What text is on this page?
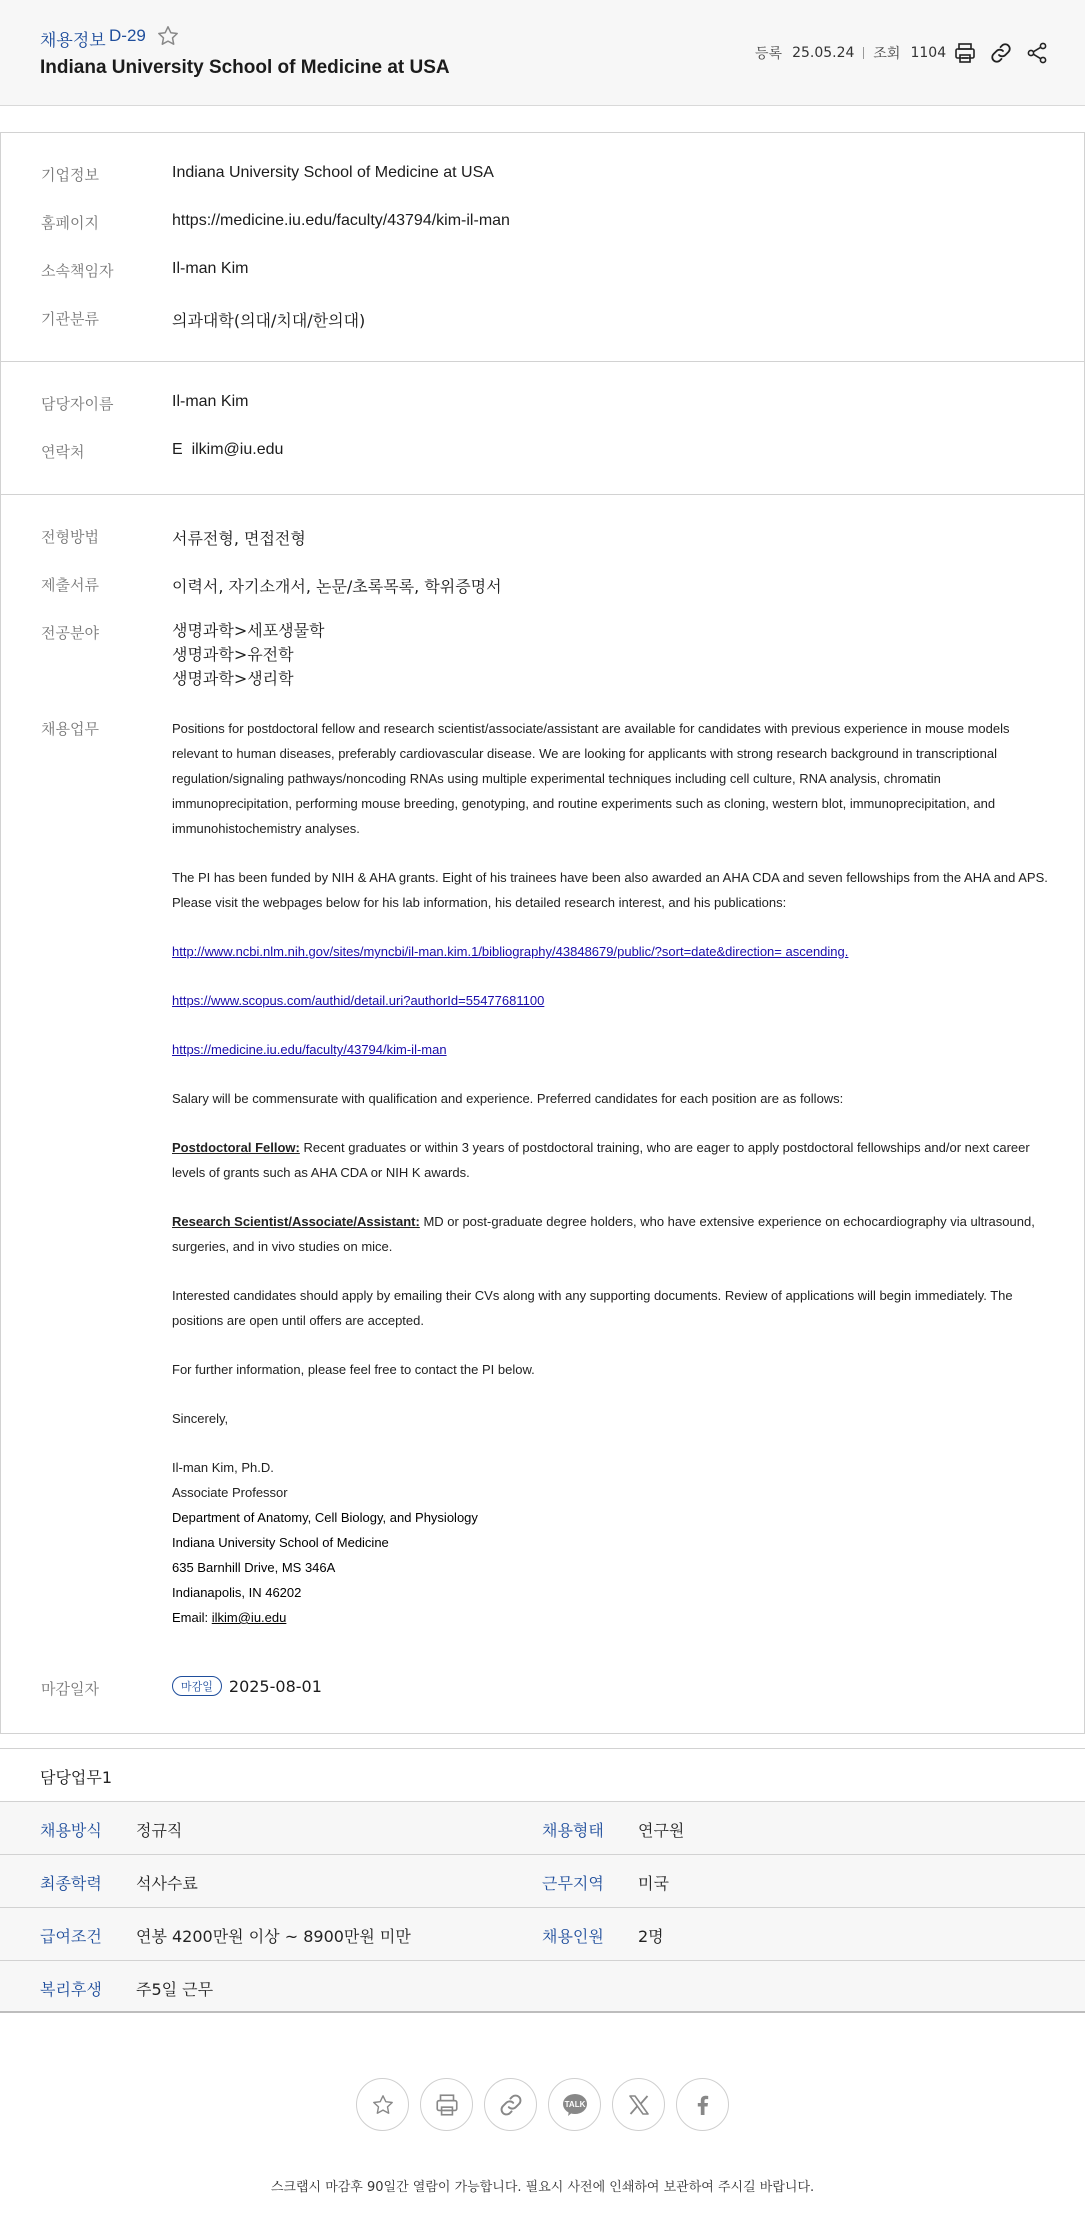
채용정보 D-29
Indiana University School of Medicine at USA
등록 25.05.24 조회 1104
기업정보	Indiana University School of Medicine at USA
홈페이지	https://medicine.iu.edu/faculty/43794/kim-il-man
소속책임자	Il-man Kim
기관분류	의과대학(의대/치대/한의대)
담당자이름	Il-man Kim
연락처	E ilkim@iu.edu
전형방법	서류전형, 면접전형
제출서류	이력서, 자기소개서, 논문/초록목록, 학위증명서
전공분야	생명과학>세포생물학
생명과학>유전학
생명과학>생리학
채용업무	Positions for postdoctoral fellow and research scientist/associate/assistant are available for candidates with previous experience in mouse models relevant to human diseases, preferably cardiovascular disease. We are looking for applicants with strong research background in transcriptional regulation/signaling pathways/noncoding RNAs using multiple experimental techniques including cell culture, RNA analysis, chromatin immunoprecipitation, performing mouse breeding, genotyping, and routine experiments such as cloning, western blot, immunoprecipitation, and immunohistochemistry analyses.

The PI has been funded by NIH & AHA grants. Eight of his trainees have been also awarded an AHA CDA and seven fellowships from the AHA and APS. Please visit the webpages below for his lab information, his detailed research interest, and his publications:

http://www.ncbi.nlm.nih.gov/sites/myncbi/il-man.kim.1/bibliography/43848679/public/?sort=date&direction= ascending.

https://www.scopus.com/authid/detail.uri?authorId=55477681100

https://medicine.iu.edu/faculty/43794/kim-il-man

Salary will be commensurate with qualification and experience. Preferred candidates for each position are as follows:

Postdoctoral Fellow: Recent graduates or within 3 years of postdoctoral training, who are eager to apply postdoctoral fellowships and/or next career levels of grants such as AHA CDA or NIH K awards.

Research Scientist/Associate/Assistant: MD or post-graduate degree holders, who have extensive experience on echocardiography via ultrasound, surgeries, and in vivo studies on mice.

Interested candidates should apply by emailing their CVs along with any supporting documents. Review of applications will begin immediately. The positions are open until offers are accepted.

For further information, please feel free to contact the PI below.

Sincerely,

Il-man Kim, Ph.D.

Associate Professor

Department of Anatomy, Cell Biology, and Physiology

Indiana University School of Medicine

635 Barnhill Drive, MS 346A

Indianapolis, IN 46202

Email: ilkim@iu.edu

마감일자	마감일 2025-08-01
담당업무1
채용방식 정규직	채용형태 연구원
최종학력 석사수료	근무지역 미국
급여조건 연봉 4200만원 이상 ~ 8900만원 미만	채용인원 2명
복리후생 주5일 근무
TALK
스크랩시 마감후 90일간 열람이 가능합니다. 필요시 사전에 인쇄하여 보관하여 주시길 바랍니다.
